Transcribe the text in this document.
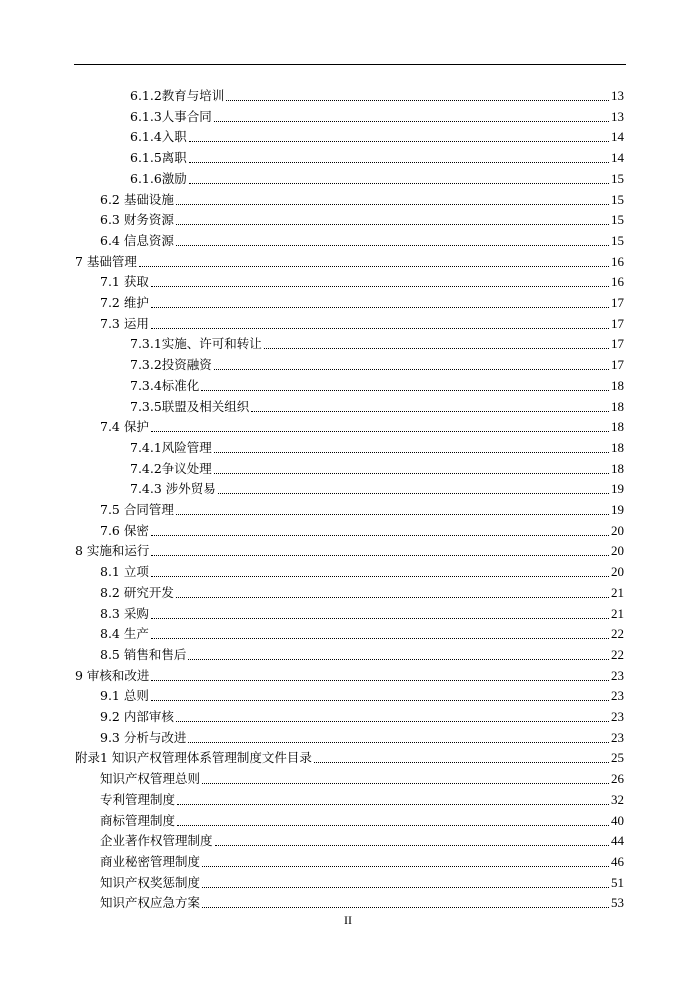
6.1.2教育与培训	13
6.1.3人事合同	13
6.1.4入职	14
6.1.5离职	14
6.1.6激励	15
6.2 基础设施	15
6.3 财务资源	15
6.4 信息资源	15
7 基础管理	16
7.1 获取	16
7.2 维护	17
7.3 运用	17
7.3.1实施、许可和转让	17
7.3.2投资融资	17
7.3.4标准化	18
7.3.5联盟及相关组织	18
7.4 保护	18
7.4.1风险管理	18
7.4.2争议处理	18
7.4.3 涉外贸易	19
7.5 合同管理	19
7.6 保密	20
8 实施和运行	20
8.1 立项	20
8.2 研究开发	21
8.3 采购	21
8.4 生产	22
8.5 销售和售后	22
9 审核和改进	23
9.1 总则	23
9.2 内部审核	23
9.3 分析与改进	23
附录1 知识产权管理体系管理制度文件目录	25
知识产权管理总则	26
专利管理制度	32
商标管理制度	40
企业著作权管理制度	44
商业秘密管理制度	46
知识产权奖惩制度	51
知识产权应急方案	53
II
